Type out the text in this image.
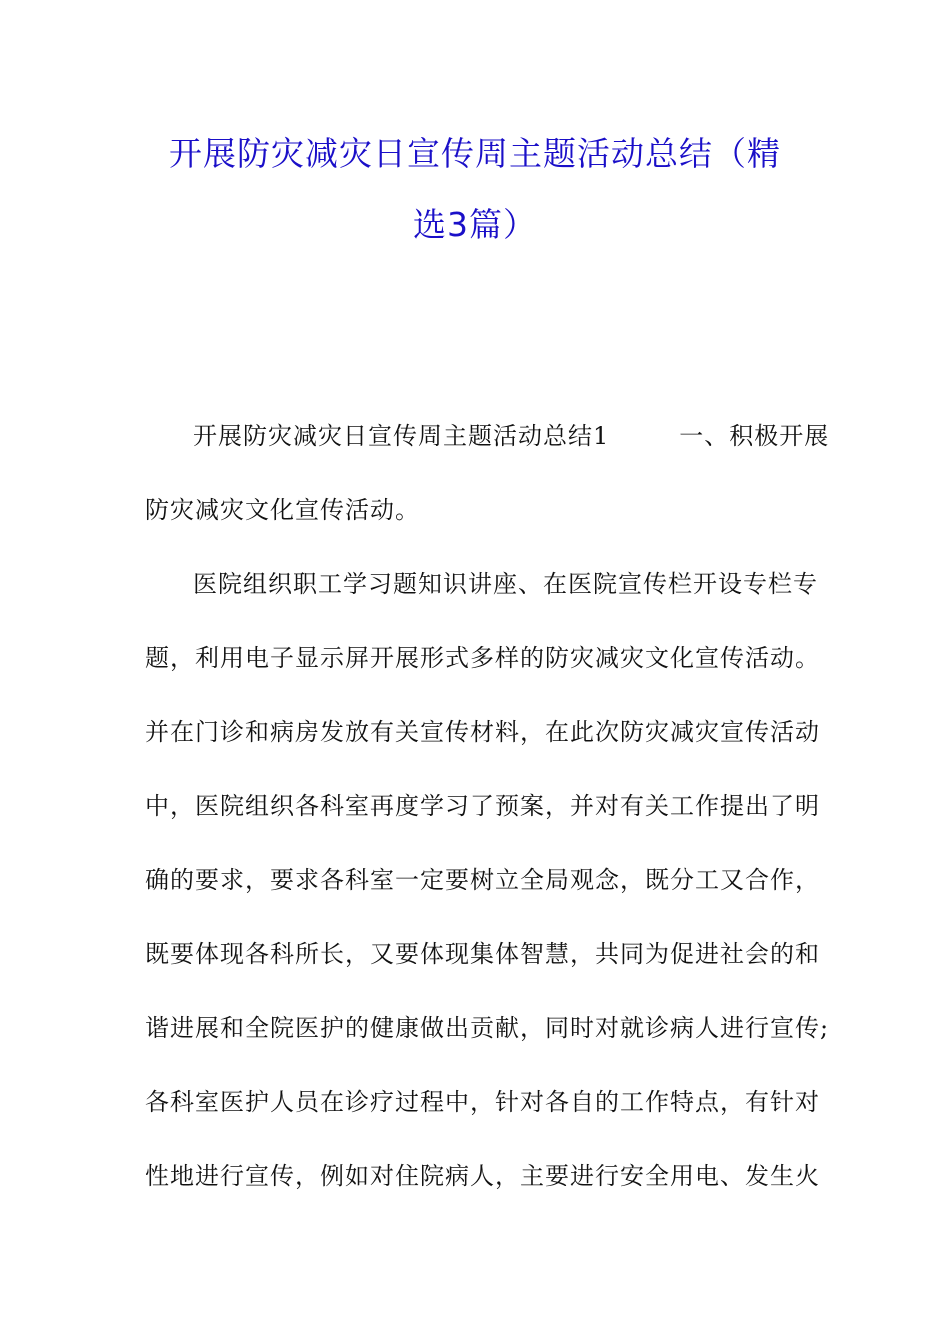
开展防灾减灾日宣传周主题活动总结（精
选3篇）
开展防灾减灾日宣传周主题活动总结1	一、积极开展
防灾减灾文化宣传活动。
医院组织职工学习题知识讲座、在医院宣传栏开设专栏专
题，利用电子显示屏开展形式多样的防灾减灾文化宣传活动。
并在门诊和病房发放有关宣传材料，在此次防灾减灾宣传活动
中，医院组织各科室再度学习了预案，并对有关工作提出了明
确的要求，要求各科室一定要树立全局观念，既分工又合作，
既要体现各科所长，又要体现集体智慧，共同为促进社会的和
谐进展和全院医护的健康做出贡献，同时对就诊病人进行宣传;
各科室医护人员在诊疗过程中，针对各自的工作特点，有针对
性地进行宣传，例如对住院病人，主要进行安全用电、发生火
